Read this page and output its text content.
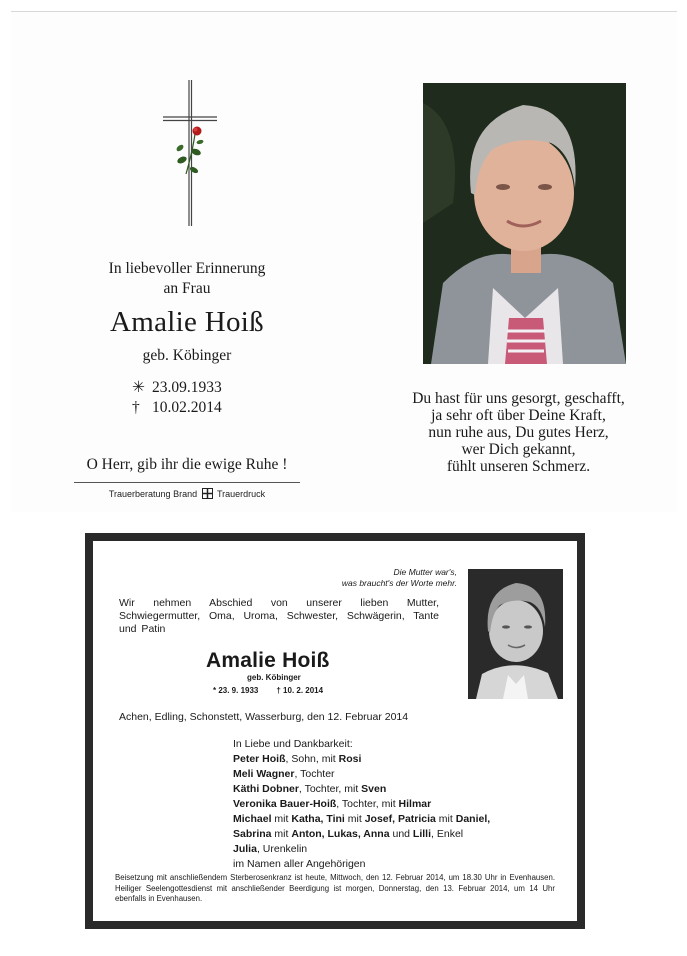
In liebevoller Erinnerung
an Frau
Amalie Hoiß
geb. Köbinger
✳ 23.09.1933
† 10.02.2014
O Herr, gib ihr die ewige Ruhe !
Trauerberatung Brand Trauerdruck
Du hast für uns gesorgt, geschafft,
ja sehr oft über Deine Kraft,
nun ruhe aus, Du gutes Herz,
wer Dich gekannt,
fühlt unseren Schmerz.
Die Mutter war's,
was braucht's der Worte mehr.
Wir nehmen Abschied von unserer lieben Mutter, Schwiegermutter, Oma, Uroma, Schwester, Schwägerin, Tante und Patin
Amalie Hoiß
geb. Köbinger
* 23. 9. 1933 † 10. 2. 2014
Achen, Edling, Schonstett, Wasserburg, den 12. Februar 2014
In Liebe und Dankbarkeit:
Peter Hoiß, Sohn, mit Rosi
Meli Wagner, Tochter
Käthi Dobner, Tochter, mit Sven
Veronika Bauer-Hoiß, Tochter, mit Hilmar
Michael mit Katha, Tini mit Josef, Patricia mit Daniel,
Sabrina mit Anton, Lukas, Anna und Lilli, Enkel
Julia, Urenkelin
im Namen aller Angehörigen
Beisetzung mit anschließendem Sterberosenkranz ist heute, Mittwoch, den 12. Februar 2014, um 18.30 Uhr in Evenhausen. Heiliger Seelengottesdienst mit anschließender Beerdigung ist morgen, Donnerstag, den 13. Februar 2014, um 14 Uhr ebenfalls in Evenhausen.
